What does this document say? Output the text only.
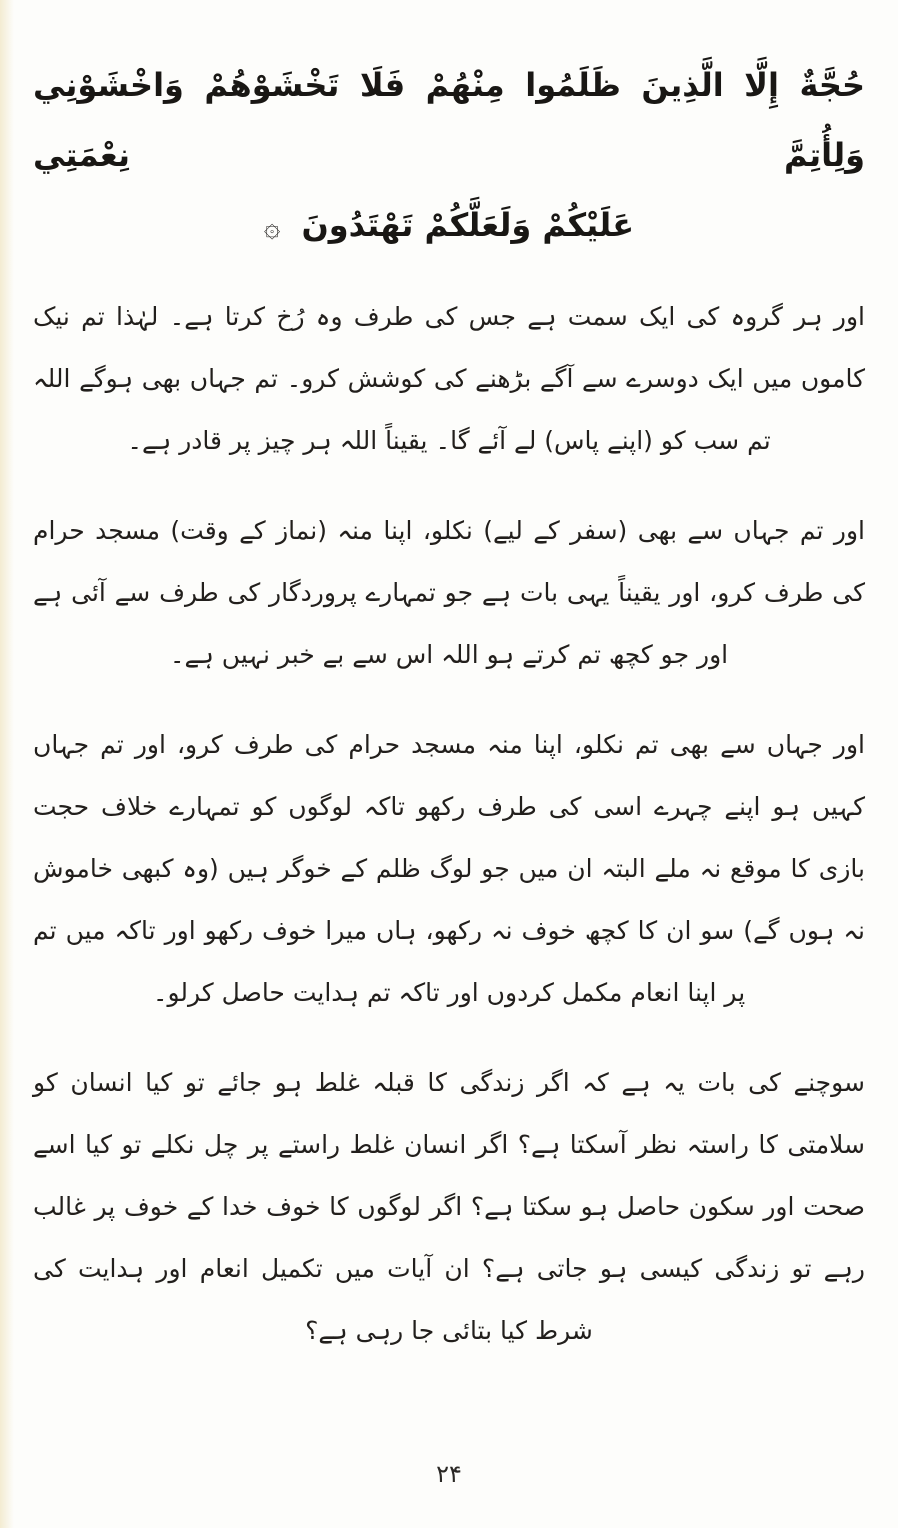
حُجَّةٌ إِلَّا الَّذِينَ ظَلَمُوا مِنْهُمْ فَلَا تَخْشَوْهُمْ وَاخْشَوْنِي وَلِأُتِمَّ نِعْمَتِي
عَلَيْكُمْ وَلَعَلَّكُمْ تَهْتَدُونَ ۞

اور ہر گروہ کی ایک سمت ہے جس کی طرف وہ رُخ کرتا ہے۔ لہٰذا تم نیک کاموں میں ایک دوسرے سے آگے بڑھنے کی کوشش کرو۔ تم جہاں بھی ہوگے اللہ تم سب کو (اپنے پاس) لے آئے گا۔ یقیناً اللہ ہر چیز پر قادر ہے۔

اور تم جہاں سے بھی (سفر کے لیے) نکلو، اپنا منہ (نماز کے وقت) مسجد حرام کی طرف کرو، اور یقیناً یہی بات ہے جو تمہارے پروردگار کی طرف سے آئی ہے اور جو کچھ تم کرتے ہو اللہ اس سے بے خبر نہیں ہے۔

اور جہاں سے بھی تم نکلو، اپنا منہ مسجد حرام کی طرف کرو، اور تم جہاں کہیں ہو اپنے چہرے اسی کی طرف رکھو تاکہ لوگوں کو تمہارے خلاف حجت بازی کا موقع نہ ملے البتہ ان میں جو لوگ ظلم کے خوگر ہیں (وہ کبھی خاموش نہ ہوں گے) سو ان کا کچھ خوف نہ رکھو، ہاں میرا خوف رکھو اور تاکہ میں تم پر اپنا انعام مکمل کردوں اور تاکہ تم ہدایت حاصل کرلو۔

سوچنے کی بات یہ ہے کہ اگر زندگی کا قبلہ غلط ہو جائے تو کیا انسان کو سلامتی کا راستہ نظر آسکتا ہے؟ اگر انسان غلط راستے پر چل نکلے تو کیا اسے صحت اور سکون حاصل ہو سکتا ہے؟ اگر لوگوں کا خوف خدا کے خوف پر غالب رہے تو زندگی کیسی ہو جاتی ہے؟ ان آیات میں تکمیل انعام اور ہدایت کی شرط کیا بتائی جا رہی ہے؟

۲۴
